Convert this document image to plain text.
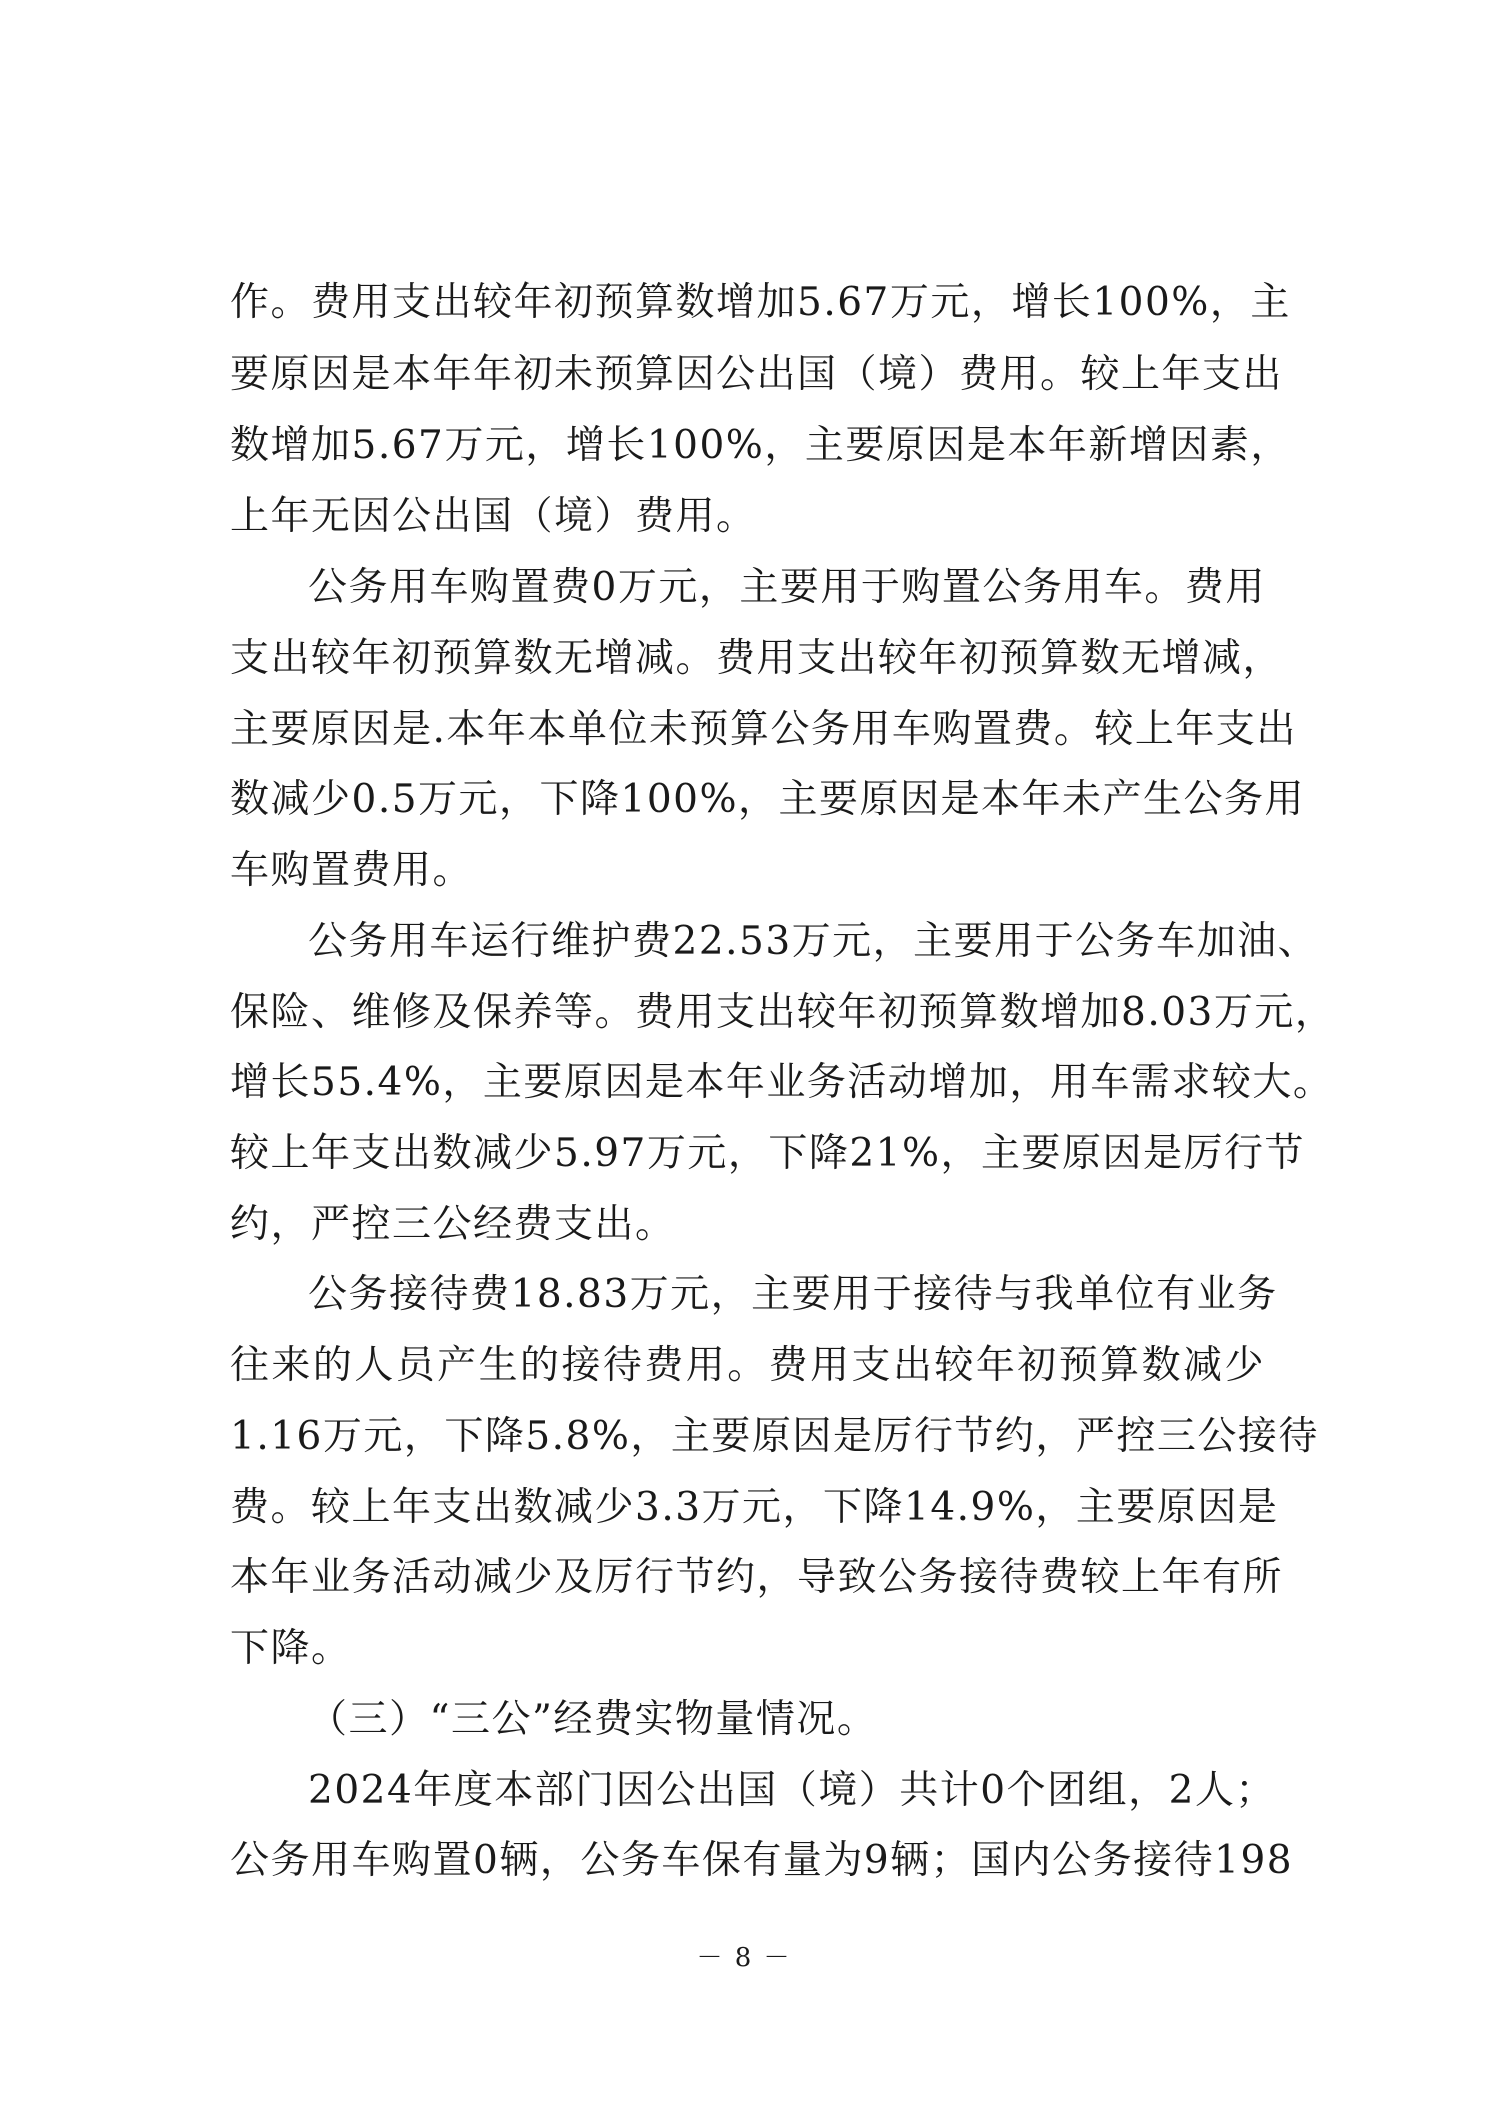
作。费用支出较年初预算数增加5.67万元，增长100%，主
要原因是本年年初未预算因公出国（境）费用。较上年支出
数增加5.67万元，增长100%，主要原因是本年新增因素，
上年无因公出国（境）费用。
公务用车购置费0万元，主要用于购置公务用车。费用
支出较年初预算数无增减。费用支出较年初预算数无增减，
主要原因是.本年本单位未预算公务用车购置费。较上年支出
数减少0.5万元，下降100%，主要原因是本年未产生公务用
车购置费用。
公务用车运行维护费22.53万元，主要用于公务车加油、
保险、维修及保养等。费用支出较年初预算数增加8.03万元，
增长55.4%，主要原因是本年业务活动增加，用车需求较大。
较上年支出数减少5.97万元，下降21%，主要原因是厉行节
约，严控三公经费支出。
公务接待费18.83万元，主要用于接待与我单位有业务
往来的人员产生的接待费用。费用支出较年初预算数减少
1.16万元，下降5.8%，主要原因是厉行节约，严控三公接待
费。较上年支出数减少3.3万元，下降14.9%，主要原因是
本年业务活动减少及厉行节约，导致公务接待费较上年有所
下降。
（三）“三公”经费实物量情况。
2024年度本部门因公出国（境）共计0个团组，2人；
公务用车购置0辆，公务车保有量为9辆；国内公务接待198
－ 8 －
